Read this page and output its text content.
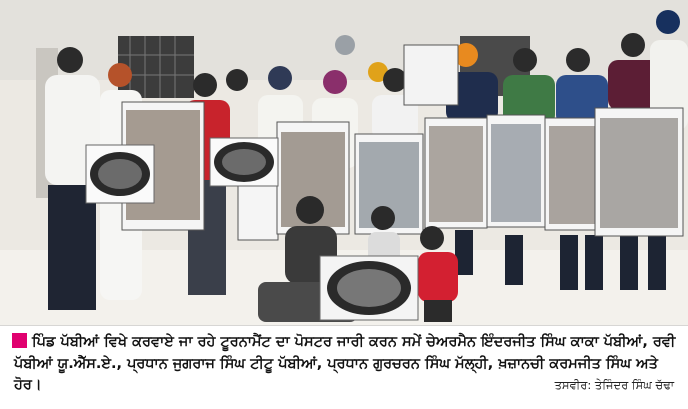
ਪਿੰਡ ਪੱਬੀਆਂ ਵਿਖੇ ਕਰਵਾਏ ਜਾ ਰਹੇ ਟੂਰਨਾਮੈਂਟ ਦਾ ਪੋਸਟਰ ਜਾਰੀ ਕਰਨ ਸਮੇਂ ਚੇਅਰਮੈਨ ਇੰਦਰਜੀਤ ਸਿੰਘ ਕਾਕਾ ਪੱਬੀਆਂ, ਰਵੀ ਪੱਬੀਆਂ ਯੂ.ਐੱਸ.ਏ., ਪ੍ਰਧਾਨ ਜੁਗਰਾਜ ਸਿੰਘ ਟੀਟੂ ਪੱਬੀਆਂ, ਪ੍ਰਧਾਨ ਗੁਰਚਰਨ ਸਿੰਘ ਮੱਲ੍ਹੀ, ਖ਼ਜ਼ਾਨਚੀ ਕਰਮਜੀਤ ਸਿੰਘ ਅਤੇ ਹੋਰ।	ਤਸਵੀਰ: ਤੇਜਿੰਦਰ ਸਿੰਘ ਚੱਢਾ
